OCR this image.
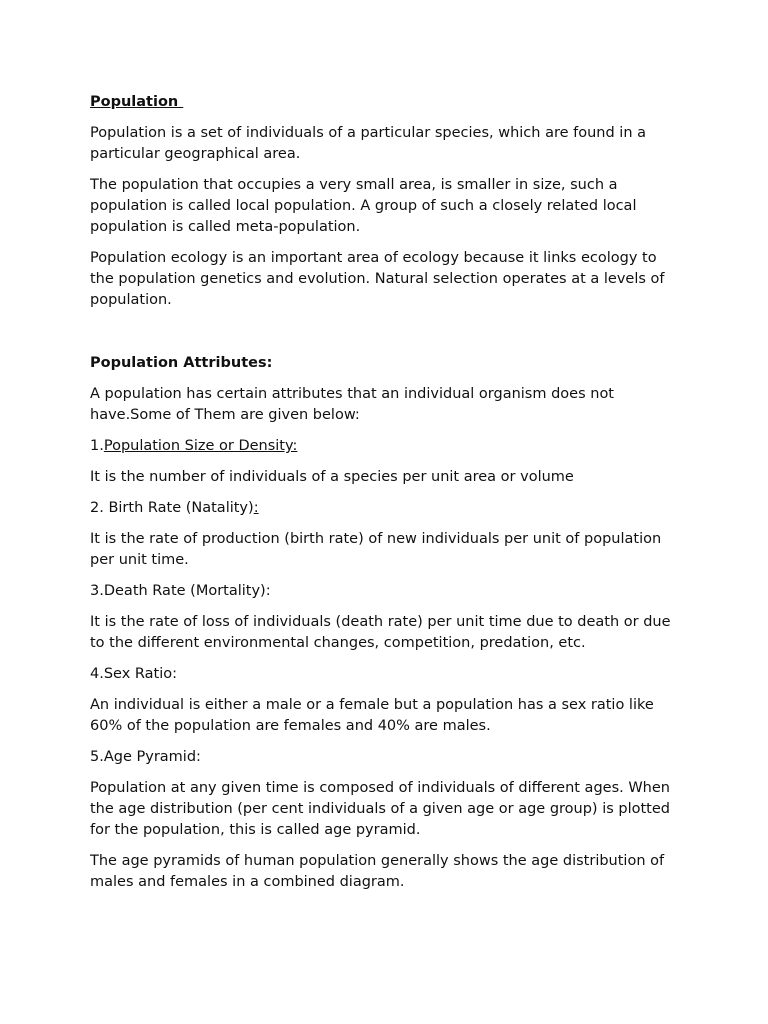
Population

Population is a set of individuals of a particular species, which are found in a particular geographical area.

The population that occupies a very small area, is smaller in size, such a population is called local population. A group of such a closely related local population is called meta-population.

Population ecology is an important area of ecology because it links ecology to the population genetics and evolution. Natural selection operates at a levels of population.

Population Attributes:

A population has certain attributes that an individual organism does not have.Some of Them are given below:

1.Population Size or Density:

It is the number of individuals of a species per unit area or volume

2. Birth Rate (Natality):

It is the rate of production (birth rate) of new individuals per unit of population per unit time.

3.Death Rate (Mortality):

It is the rate of loss of individuals (death rate) per unit time due to death or due to the different environmental changes, competition, predation, etc.

4.Sex Ratio:

An individual is either a male or a female but a population has a sex ratio like 60% of the population are females and 40% are males.

5.Age Pyramid:

Population at any given time is composed of individuals of different ages. When the age distribution (per cent individuals of a given age or age group) is plotted for the population, this is called age pyramid.

The age pyramids of human population generally shows the age distribution of males and females in a combined diagram.
